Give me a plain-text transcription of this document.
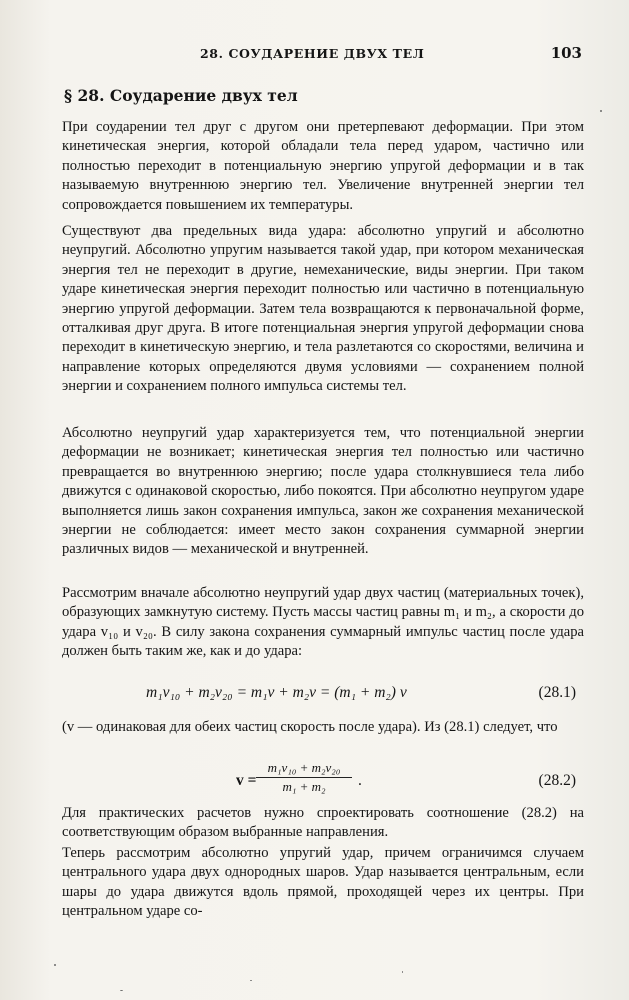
28. СОУДАРЕНИЕ ДВУХ ТЕЛ	103
§ 28. Соударение двух тел

При соударении тел друг с другом они претерпевают деформации. При этом кинетическая энергия, которой обладали тела перед ударом, частично или полностью переходит в потенциальную энергию упругой деформации и в так называемую внутреннюю энергию тел. Увеличение внутренней энергии тел сопровождается повышением их температуры.

Существуют два предельных вида удара: абсолютно упругий и абсолютно неупругий. Абсолютно упругим называется такой удар, при котором механическая энергия тел не переходит в другие, немеханические, виды энергии. При таком ударе кинетическая энергия переходит полностью или частично в потенциальную энергию упругой деформации. Затем тела возвращаются к первоначальной форме, отталкивая друг друга. В итоге потенциальная энергия упругой деформации снова переходит в кинетическую энергию, и тела разлетаются со скоростями, величина и направление которых определяются двумя условиями — сохранением полной энергии и сохранением полного импульса системы тел.

Абсолютно неупругий удар характеризуется тем, что потенциальной энергии деформации не возникает; кинетическая энергия тел полностью или частично превращается во внутреннюю энергию; после удара столкнувшиеся тела либо движутся с одинаковой скоростью, либо покоятся. При абсолютно неупругом ударе выполняется лишь закон сохранения импульса, закон же сохранения механической энергии не соблюдается: имеет место закон сохранения суммарной энергии различных видов — механической и внутренней.

Рассмотрим вначале абсолютно неупругий удар двух частиц (материальных точек), образующих замкнутую систему. Пусть массы частиц равны m₁ и m₂, а скорости до удара v₁₀ и v₂₀. В силу закона сохранения суммарный импульс частиц после удара должен быть таким же, как и до удара:

m₁v₁₀ + m₂v₂₀ = m₁v + m₂v = (m₁ + m₂) v	(28.1)

(v — одинаковая для обеих частиц скорость после удара). Из (28.1) следует, что

$v = \frac{\text{m₁v₁₀ + m₂v₂₀}}{\text{m₁ + m₂}}$ .	(28.2)

Для практических расчетов нужно спроектировать соотношение (28.2) на соответствующим образом выбранные направления.

Теперь рассмотрим абсолютно упругий удар, причем ограничимся случаем центрального удара двух однородных шаров. Удар называется центральным, если шары до удара движутся вдоль прямой, проходящей через их центры. При центральном ударе со-
